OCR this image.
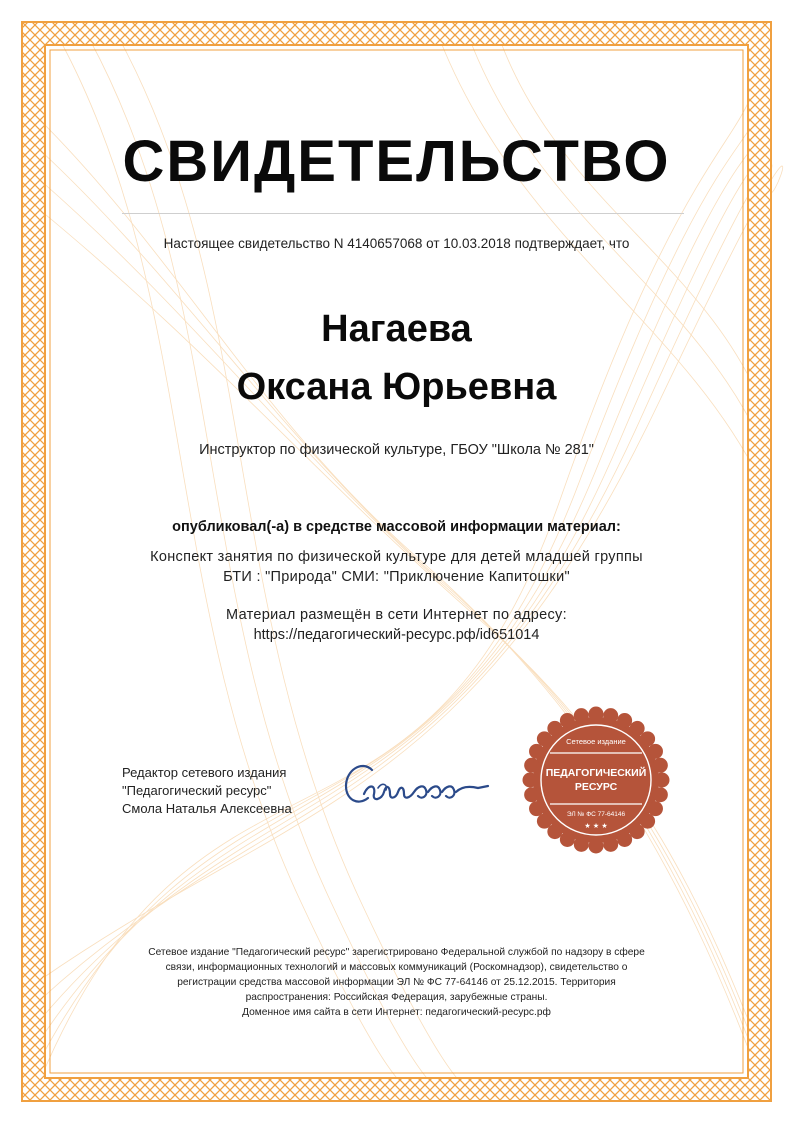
СВИДЕТЕЛЬСТВО
Настоящее свидетельство N 4140657068 от 10.03.2018 подтверждает, что
Нагаева
Оксана Юрьевна
Инструктор по физической культуре, ГБОУ "Школа № 281"
опубликовал(-а) в средстве массовой информации материал:
Конспект занятия по физической культуре для детей младшей группы
БТИ : "Природа" СМИ: "Приключение Капитошки"
Материал размещён в сети Интернет по адресу:
https://педагогический-ресурс.рф/id651014
Редактор сетевого издания
"Педагогический ресурс"
Смола Наталья Алексеевна
Сетевое издание
ПЕДАГОГИЧЕСКИЙ
РЕСУРС
ЭЛ № ФС 77-64146
★ ★ ★
Сетевое издание "Педагогический ресурс" зарегистрировано Федеральной службой по надзору в сфере
связи, информационных технологий и массовых коммуникаций (Роскомнадзор), свидетельство о
регистрации средства массовой информации ЭЛ № ФС 77-64146 от 25.12.2015. Территория
распространения: Российская Федерация, зарубежные страны.
Доменное имя сайта в сети Интернет: педагогический-ресурс.рф
